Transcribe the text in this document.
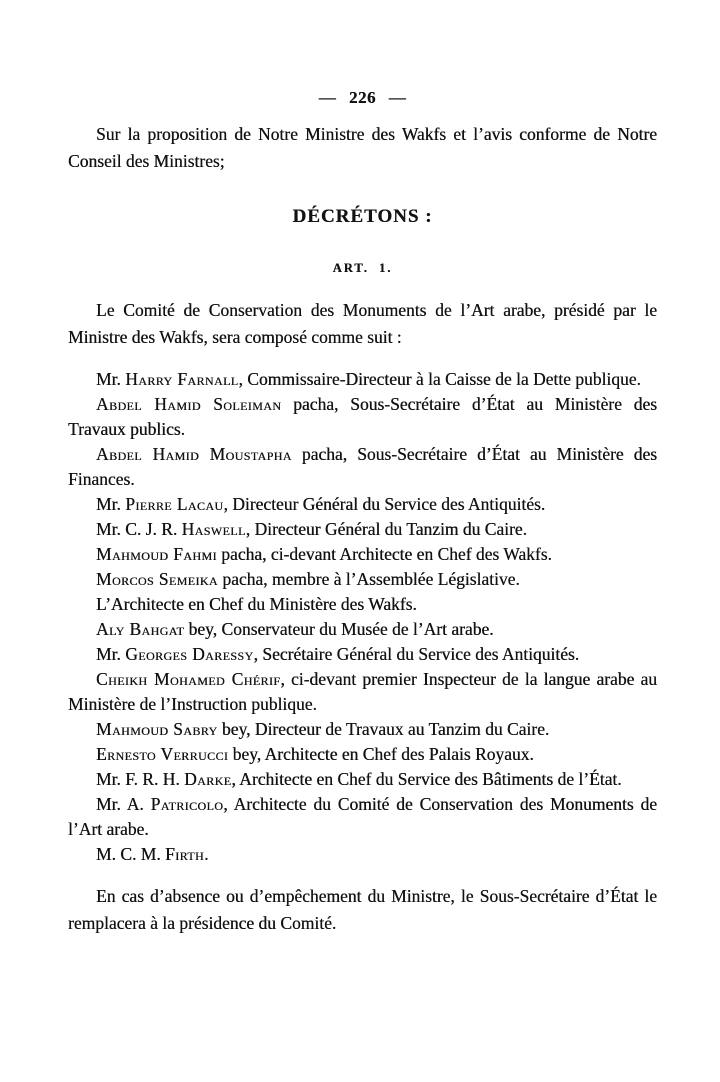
— 226 —

Sur la proposition de Notre Ministre des Wakfs et l’avis conforme de Notre Conseil des Ministres;

DÉCRÉTONS :
ART. 1.

Le Comité de Conservation des Monuments de l’Art arabe, présidé par le Ministre des Wakfs, sera composé comme suit :

Mr. Harry Farnall, Commissaire-Directeur à la Caisse de la Dette publique.

Abdel Hamid Soleiman pacha, Sous-Secrétaire d’État au Ministère des Travaux publics.

Abdel Hamid Moustapha pacha, Sous-Secrétaire d’État au Ministère des Finances.

Mr. Pierre Lacau, Directeur Général du Service des Antiquités.

Mr. C. J. R. Haswell, Directeur Général du Tanzim du Caire.

Mahmoud Fahmi pacha, ci-devant Architecte en Chef des Wakfs.

Morcos Semeika pacha, membre à l’Assemblée Législative.

L’Architecte en Chef du Ministère des Wakfs.

Aly Bahgat bey, Conservateur du Musée de l’Art arabe.

Mr. Georges Daressy, Secrétaire Général du Service des Antiquités.

Cheikh Mohamed Chérif, ci-devant premier Inspecteur de la langue arabe au Ministère de l’Instruction publique.

Mahmoud Sabry bey, Directeur de Travaux au Tanzim du Caire.

Ernesto Verrucci bey, Architecte en Chef des Palais Royaux.

Mr. F. R. H. Darke, Architecte en Chef du Service des Bâtiments de l’État.

Mr. A. Patricolo, Architecte du Comité de Conservation des Monuments de l’Art arabe.

M. C. M. Firth.

En cas d’absence ou d’empêchement du Ministre, le Sous-Secrétaire d’État le remplacera à la présidence du Comité.
